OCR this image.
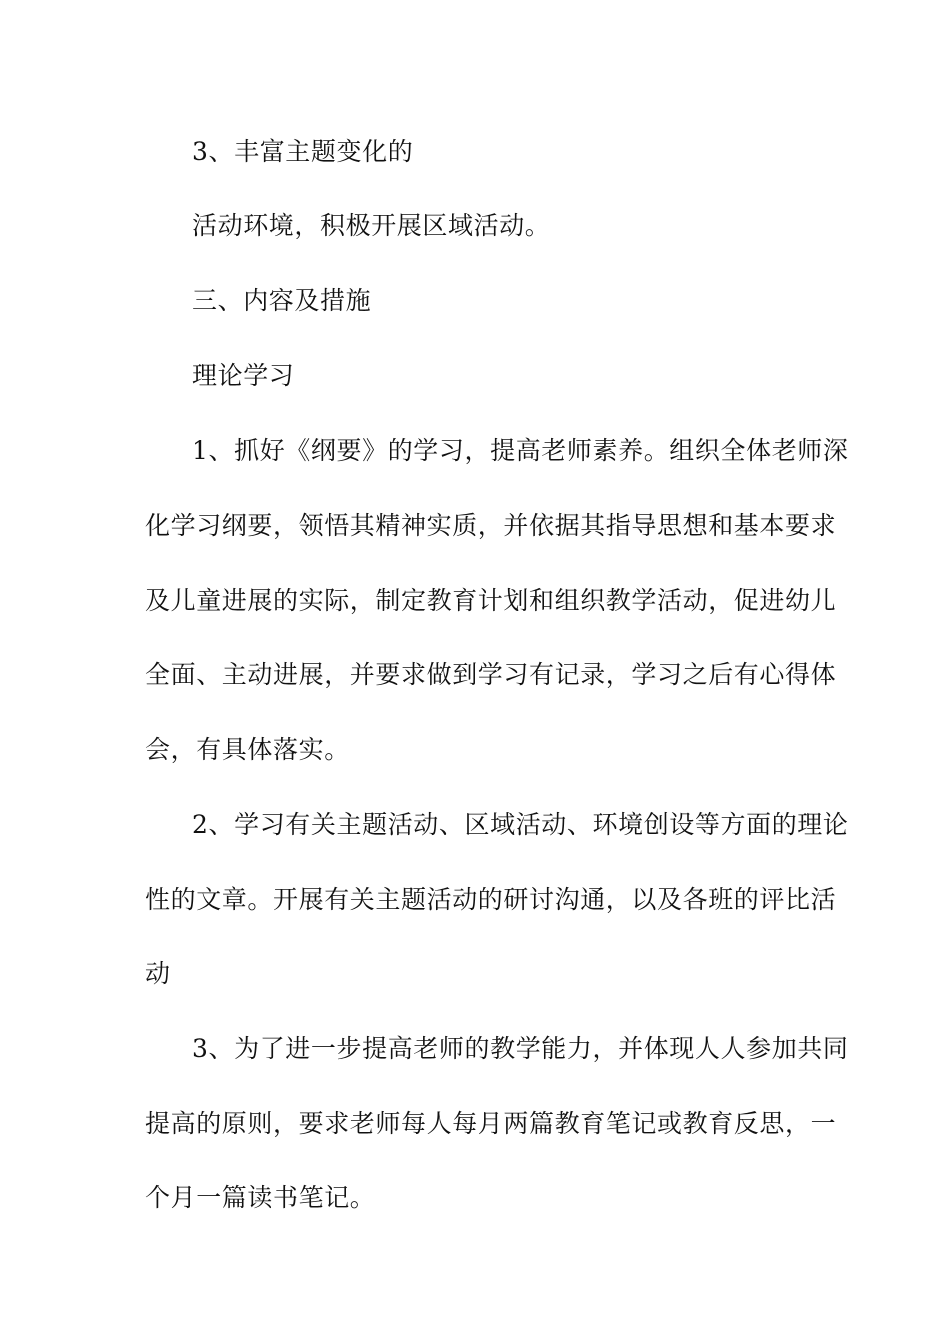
3、丰富主题变化的
活动环境，积极开展区域活动。
三、内容及措施
理论学习
1、抓好《纲要》的学习，提高老师素养。组织全体老师深
化学习纲要，领悟其精神实质，并依据其指导思想和基本要求
及儿童进展的实际，制定教育计划和组织教学活动，促进幼儿
全面、主动进展，并要求做到学习有记录，学习之后有心得体
会，有具体落实。
2、学习有关主题活动、区域活动、环境创设等方面的理论
性的文章。开展有关主题活动的研讨沟通，以及各班的评比活
动
3、为了进一步提高老师的教学能力，并体现人人参加共同
提高的原则，要求老师每人每月两篇教育笔记或教育反思，一
个月一篇读书笔记。
